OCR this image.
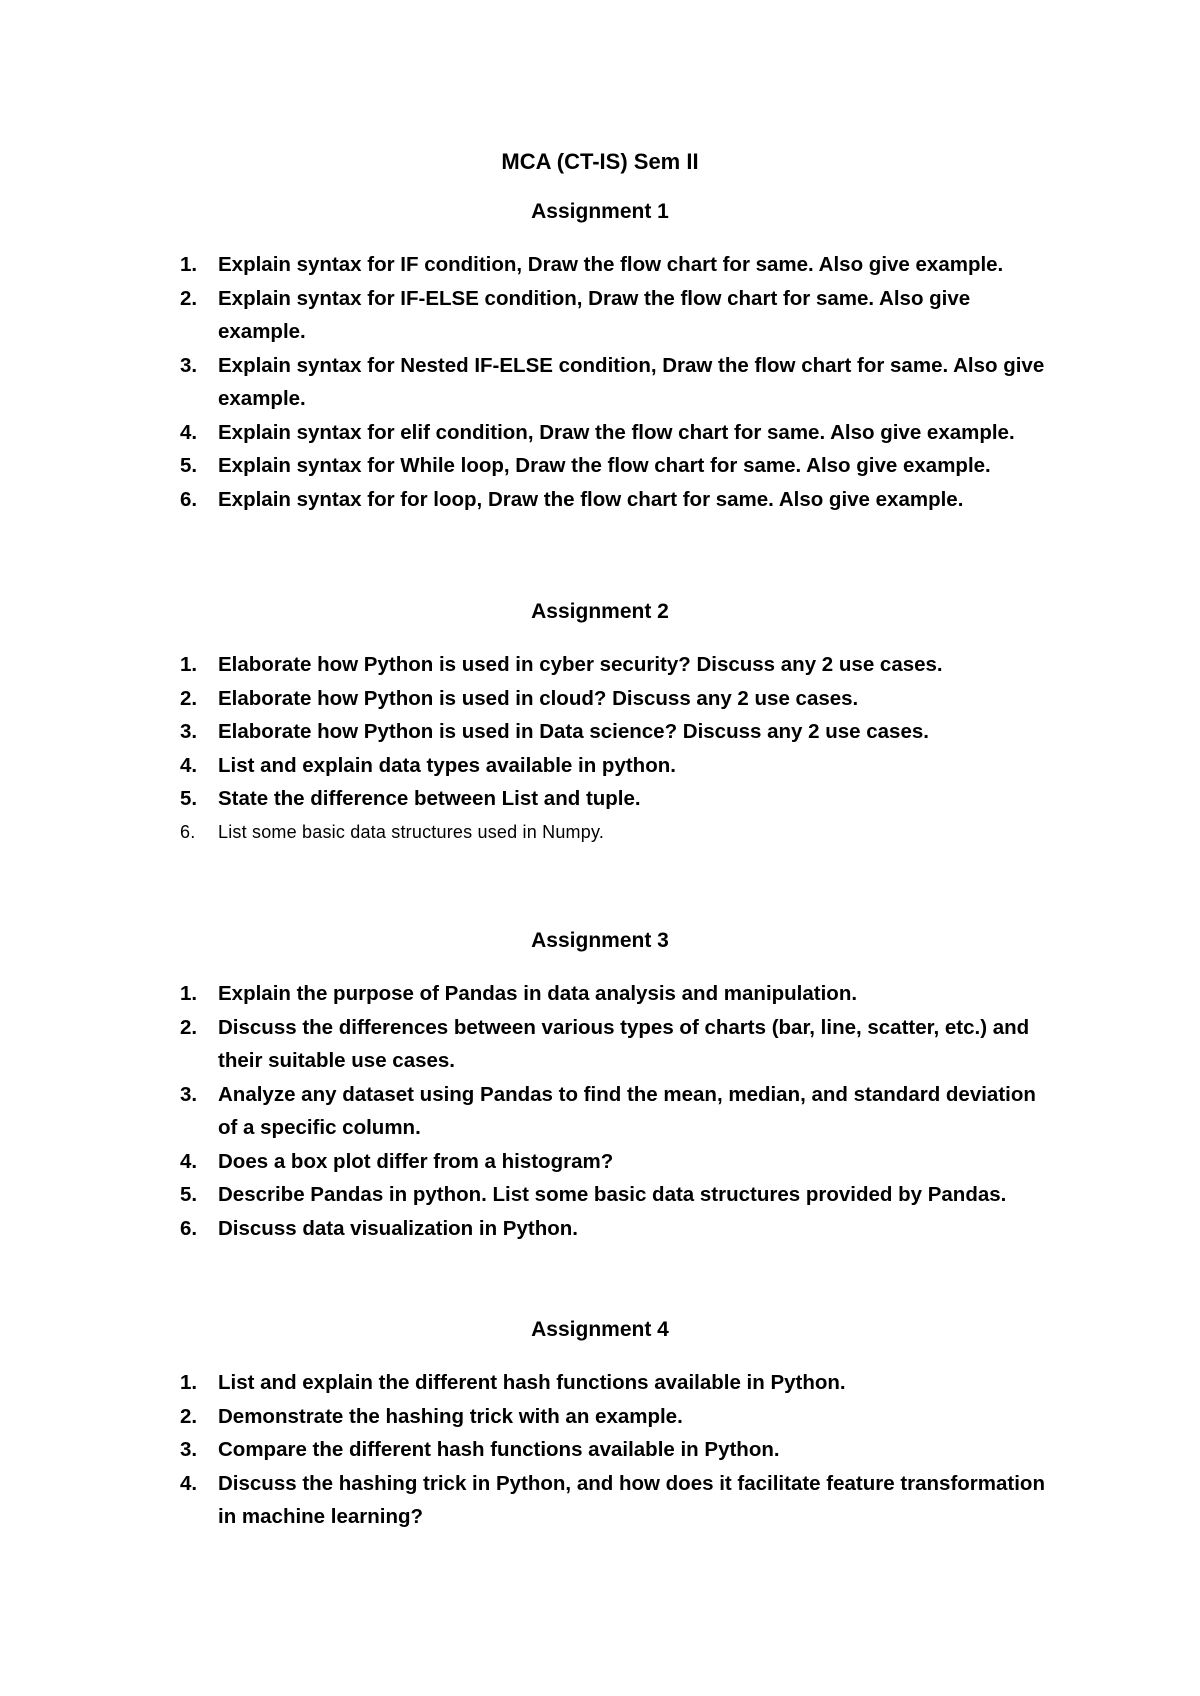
MCA (CT-IS) Sem II
Assignment 1
1. Explain syntax for IF condition, Draw the flow chart for same. Also give example.
2. Explain syntax for IF-ELSE condition, Draw the flow chart for same. Also give example.
3. Explain syntax for Nested IF-ELSE condition, Draw the flow chart for same. Also give example.
4. Explain syntax for elif condition, Draw the flow chart for same. Also give example.
5. Explain syntax for While loop, Draw the flow chart for same. Also give example.
6. Explain syntax for for loop, Draw the flow chart for same. Also give example.
Assignment 2
1. Elaborate how Python is used in cyber security? Discuss any 2 use cases.
2. Elaborate how Python is used in cloud? Discuss any 2 use cases.
3. Elaborate how Python is used in Data science? Discuss any 2 use cases.
4. List and explain data types available in python.
5. State the difference between List and tuple.
6. List some basic data structures used in Numpy.
Assignment 3
1. Explain the purpose of Pandas in data analysis and manipulation.
2. Discuss the differences between various types of charts (bar, line, scatter, etc.) and their suitable use cases.
3. Analyze any dataset using Pandas to find the mean, median, and standard deviation of a specific column.
4. Does a box plot differ from a histogram?
5. Describe Pandas in python. List some basic data structures provided by Pandas.
6. Discuss data visualization in Python.
Assignment 4
1. List and explain the different hash functions available in Python.
2. Demonstrate the hashing trick with an example.
3. Compare the different hash functions available in Python.
4. Discuss the hashing trick in Python, and how does it facilitate feature transformation in machine learning?
